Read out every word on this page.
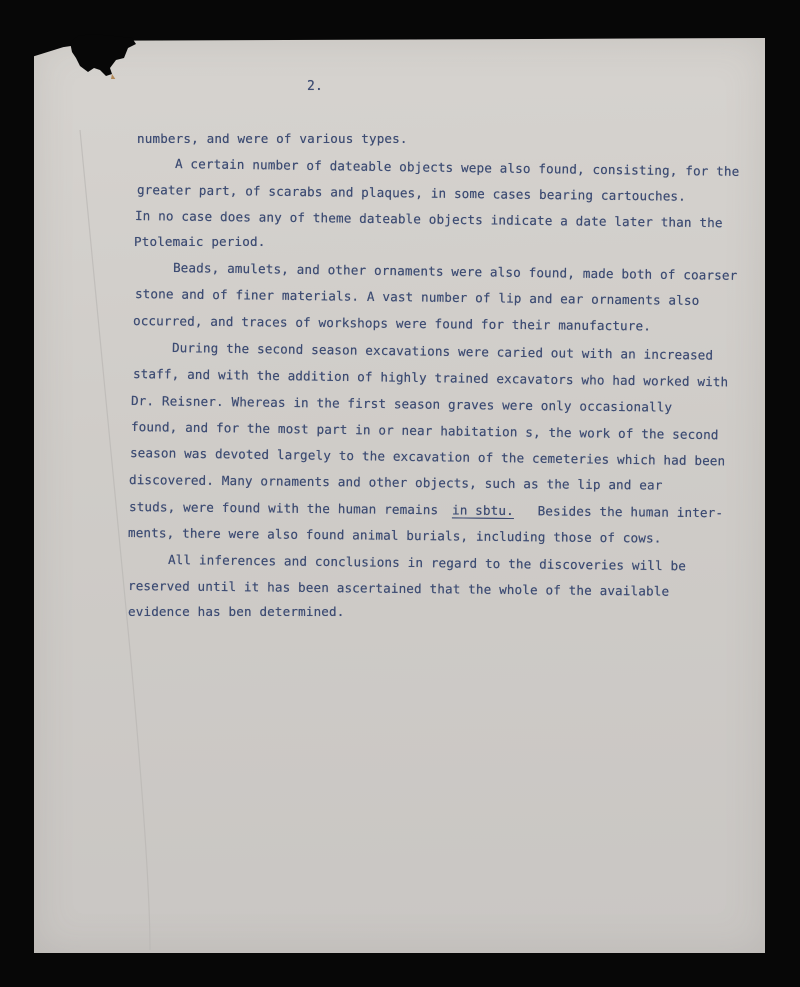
2.
numbers, and were of various types.
A certain number of dateable objects wepe also found, consisting, for the
greater part, of scarabs and plaques, in some cases bearing cartouches.
In no case does any of theme dateable objects indicate a date later than the
Ptolemaic period.
Beads, amulets, and other ornaments were also found, made both of coarser
stone and of finer materials. A vast number of lip and ear ornaments also
occurred, and traces of workshops were found for their manufacture.
During the second season excavations were caried out with an increased
staff, and with the addition of highly trained excavators who had worked with
Dr. Reisner. Whereas in the first season graves were only occasionally
found, and for the most part in or near habitation s, the work of the second
season was devoted largely to the excavation of the cemeteries which had been
discovered. Many ornaments and other objects, such as the lip and ear
studs, were found with the human remains in sbtu. Besides the human inter-
ments, there were also found animal burials, including those of cows.
All inferences and conclusions in regard to the discoveries will be
reserved until it has been ascertained that the whole of the available
evidence has ben determined.
